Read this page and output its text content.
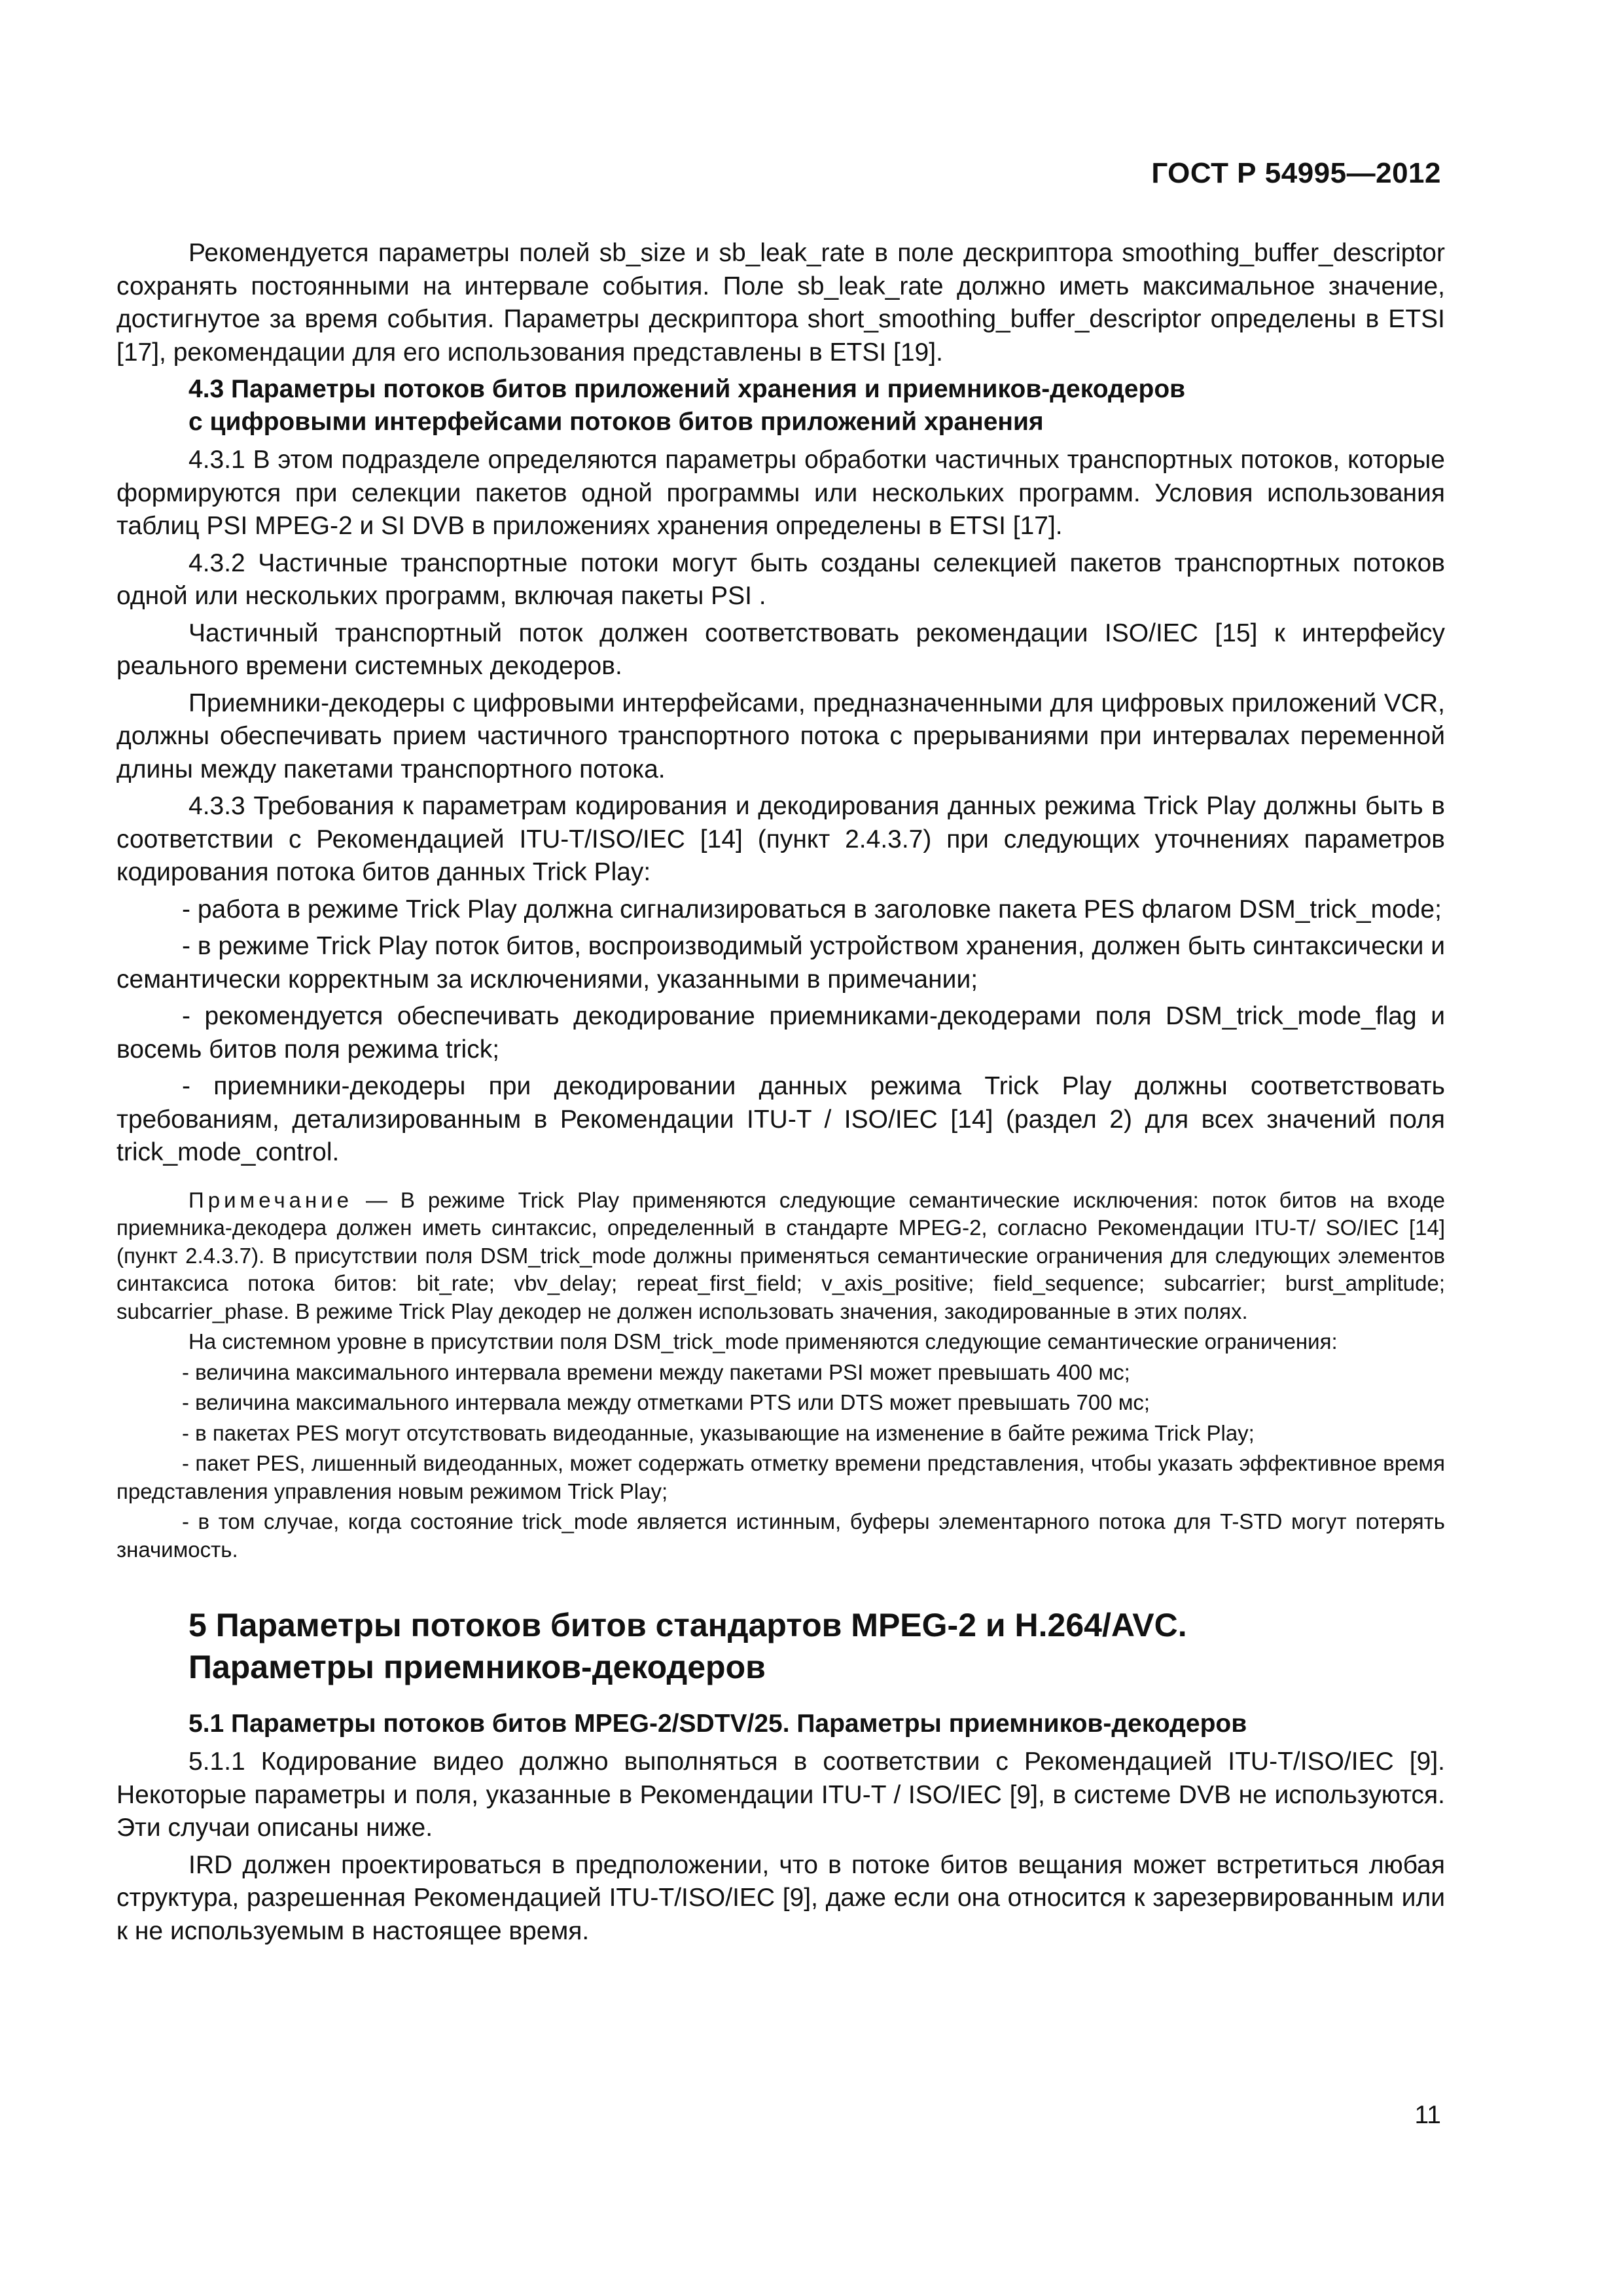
ГОСТ Р 54995—2012

Рекомендуется параметры полей sb_size и sb_leak_rate в поле дескриптора smoothing_buffer_descriptor сохранять постоянными на интервале события. Поле sb_leak_rate должно иметь максимальное значение, достигнутое за время события. Параметры дескриптора short_smoothing_buffer_descriptor определены в ETSI [17], рекомендации для его использования представлены в ETSI [19].

4.3 Параметры потоков битов приложений хранения и приемников-декодеров
с цифровыми интерфейсами потоков битов приложений хранения

4.3.1 В этом подразделе определяются параметры обработки частичных транспортных потоков, которые формируются при селекции пакетов одной программы или нескольких программ. Условия использования таблиц PSI MPEG-2 и SI DVB в приложениях хранения определены в ETSI [17].

4.3.2 Частичные транспортные потоки могут быть созданы селекцией пакетов транспортных потоков одной или нескольких программ, включая пакеты PSI .

Частичный транспортный поток должен соответствовать рекомендации ISO/IEC [15] к интерфейсу реального времени системных декодеров.

Приемники-декодеры с цифровыми интерфейсами, предназначенными для цифровых приложений VCR, должны обеспечивать прием частичного транспортного потока с прерываниями при интервалах переменной длины между пакетами транспортного потока.

4.3.3 Требования к параметрам кодирования и декодирования данных режима Trick Play должны быть в соответствии с Рекомендацией ITU-T/ISO/IEC [14] (пункт 2.4.3.7) при следующих уточнениях параметров кодирования потока битов данных Trick Play:

- работа в режиме Trick Play должна сигнализироваться в заголовке пакета PES флагом DSM_trick_mode;

- в режиме Trick Play поток битов, воспроизводимый устройством хранения, должен быть синтаксически и семантически корректным за исключениями, указанными в примечании;

- рекомендуется обеспечивать декодирование приемниками-декодерами поля DSM_trick_mode_flag и восемь битов поля режима trick;

- приемники-декодеры при декодировании данных режима Trick Play должны соответствовать требованиям, детализированным в Рекомендации ITU-T / ISO/IEC [14] (раздел 2) для всех значений поля trick_mode_control.

Примечание — В режиме Trick Play применяются следующие семантические исключения: поток битов на входе приемника-декодера должен иметь синтаксис, определенный в стандарте MPEG-2, согласно Рекомендации ITU-T/ SO/IEC [14] (пункт 2.4.3.7). В присутствии поля DSM_trick_mode должны применяться семантические ограничения для следующих элементов синтаксиса потока битов: bit_rate; vbv_delay; repeat_first_field; v_axis_positive; field_sequence; subcarrier; burst_amplitude; subcarrier_phase. В режиме Trick Play декодер не должен использовать значения, закодированные в этих полях.

На системном уровне в присутствии поля DSM_trick_mode применяются следующие семантические ограничения:

- величина максимального интервала времени между пакетами PSI может превышать 400 мс;

- величина максимального интервала между отметками PTS или DTS может превышать 700 мс;

- в пакетах PES могут отсутствовать видеоданные, указывающие на изменение в байте режима Trick Play;

- пакет PES, лишенный видеоданных, может содержать отметку времени представления, чтобы указать эффективное время представления управления новым режимом Trick Play;

- в том случае, когда состояние trick_mode является истинным, буферы элементарного потока для T-STD могут потерять значимость.

5 Параметры потоков битов стандартов MPEG-2 и H.264/AVC.
Параметры приемников-декодеров
5.1 Параметры потоков битов MPEG-2/SDTV/25. Параметры приемников-декодеров

5.1.1 Кодирование видео должно выполняться в соответствии с Рекомендацией ITU-T/ISO/IEC [9]. Некоторые параметры и поля, указанные в Рекомендации ITU-T / ISO/IEC [9], в системе DVB не используются. Эти случаи описаны ниже.

IRD должен проектироваться в предположении, что в потоке битов вещания может встретиться любая структура, разрешенная Рекомендацией ITU-T/ISO/IEC [9], даже если она относится к зарезервированным или к не используемым в настоящее время.

11
